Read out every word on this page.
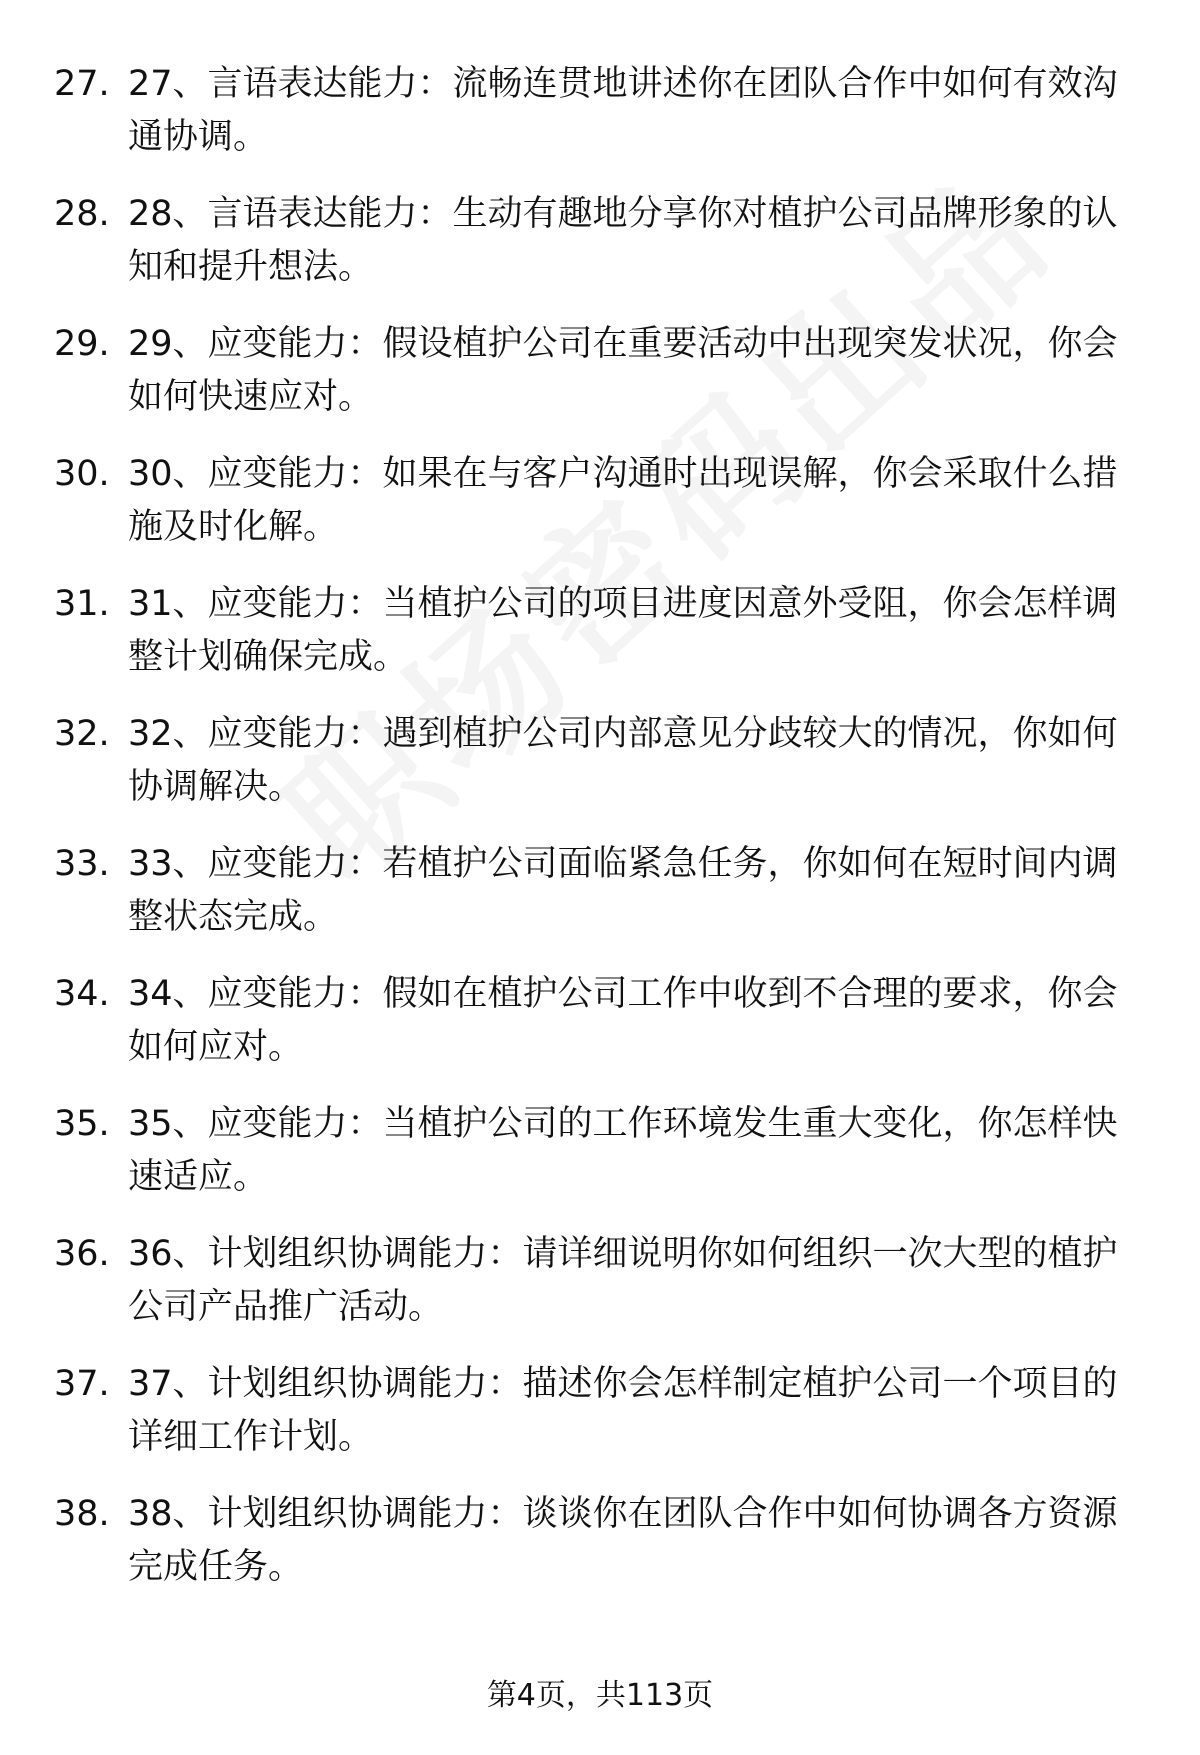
27. 27、言语表达能力：流畅连贯地讲述你在团队合作中如何有效沟通协调。
28. 28、言语表达能力：生动有趣地分享你对植护公司品牌形象的认知和提升想法。
29. 29、应变能力：假设植护公司在重要活动中出现突发状况，你会如何快速应对。
30. 30、应变能力：如果在与客户沟通时出现误解，你会采取什么措施及时化解。
31. 31、应变能力：当植护公司的项目进度因意外受阻，你会怎样调整计划确保完成。
32. 32、应变能力：遇到植护公司内部意见分歧较大的情况，你如何协调解决。
33. 33、应变能力：若植护公司面临紧急任务，你如何在短时间内调整状态完成。
34. 34、应变能力：假如在植护公司工作中收到不合理的要求，你会如何应对。
35. 35、应变能力：当植护公司的工作环境发生重大变化，你怎样快速适应。
36. 36、计划组织协调能力：请详细说明你如何组织一次大型的植护公司产品推广活动。
37. 37、计划组织协调能力：描述你会怎样制定植护公司一个项目的详细工作计划。
38. 38、计划组织协调能力：谈谈你在团队合作中如何协调各方资源完成任务。
第4页，共113页
